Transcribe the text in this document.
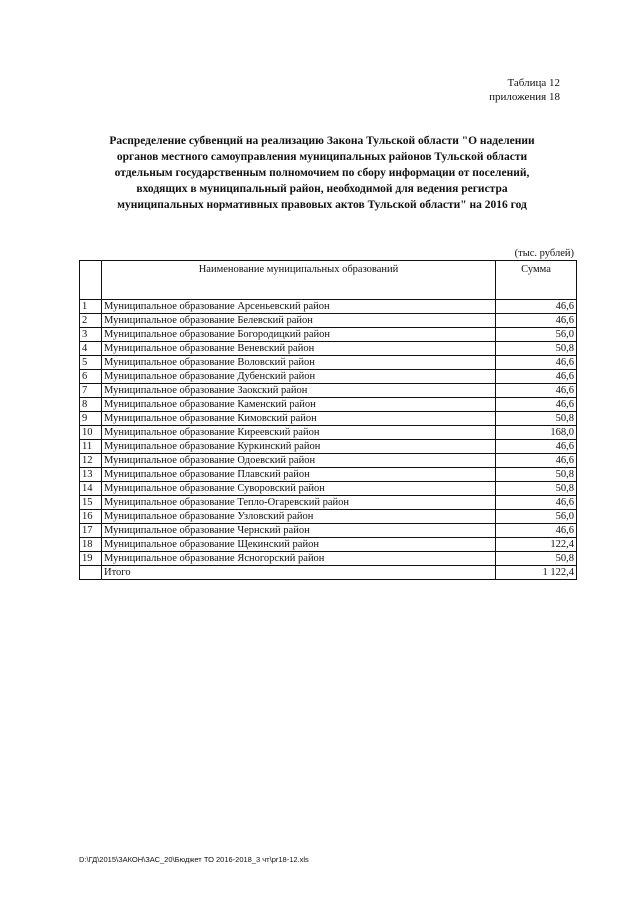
Таблица 12
приложения 18
Распределение субвенций на реализацию Закона Тульской области "О наделении
органов местного самоуправления муниципальных районов Тульской области
отдельным государственным полномочием по сбору информации от поселений,
входящих в муниципальный район, необходимой для ведения регистра
муниципальных нормативных правовых актов Тульской области" на 2016 год
(тыс. рублей)
	Наименование муниципальных образований	Сумма
1	Муниципальное образование Арсеньевский район	46,6
2	Муниципальное образование Белевский район	46,6
3	Муниципальное образование Богородицкий район	56,0
4	Муниципальное образование Веневский район	50,8
5	Муниципальное образование Воловский район	46,6
6	Муниципальное образование Дубенский район	46,6
7	Муниципальное образование Заокский район	46,6
8	Муниципальное образование Каменский район	46,6
9	Муниципальное образование Кимовский район	50,8
10	Муниципальное образование Киреевский район	168,0
11	Муниципальное образование Куркинский район	46,6
12	Муниципальное образование Одоевский район	46,6
13	Муниципальное образование Плавский район	50,8
14	Муниципальное образование Суворовский район	50,8
15	Муниципальное образование Тепло-Огаревский район	46,6
16	Муниципальное образование Узловский район	56,0
17	Муниципальное образование Чернский район	46,6
18	Муниципальное образование Щекинский район	122,4
19	Муниципальное образование Ясногорский район	50,8
	Итого	1 122,4
D:\ГД\2015\ЗАКОН\ЗАС_20\Бюджет ТО 2016-2018_3 чт\рr18-12.xls
